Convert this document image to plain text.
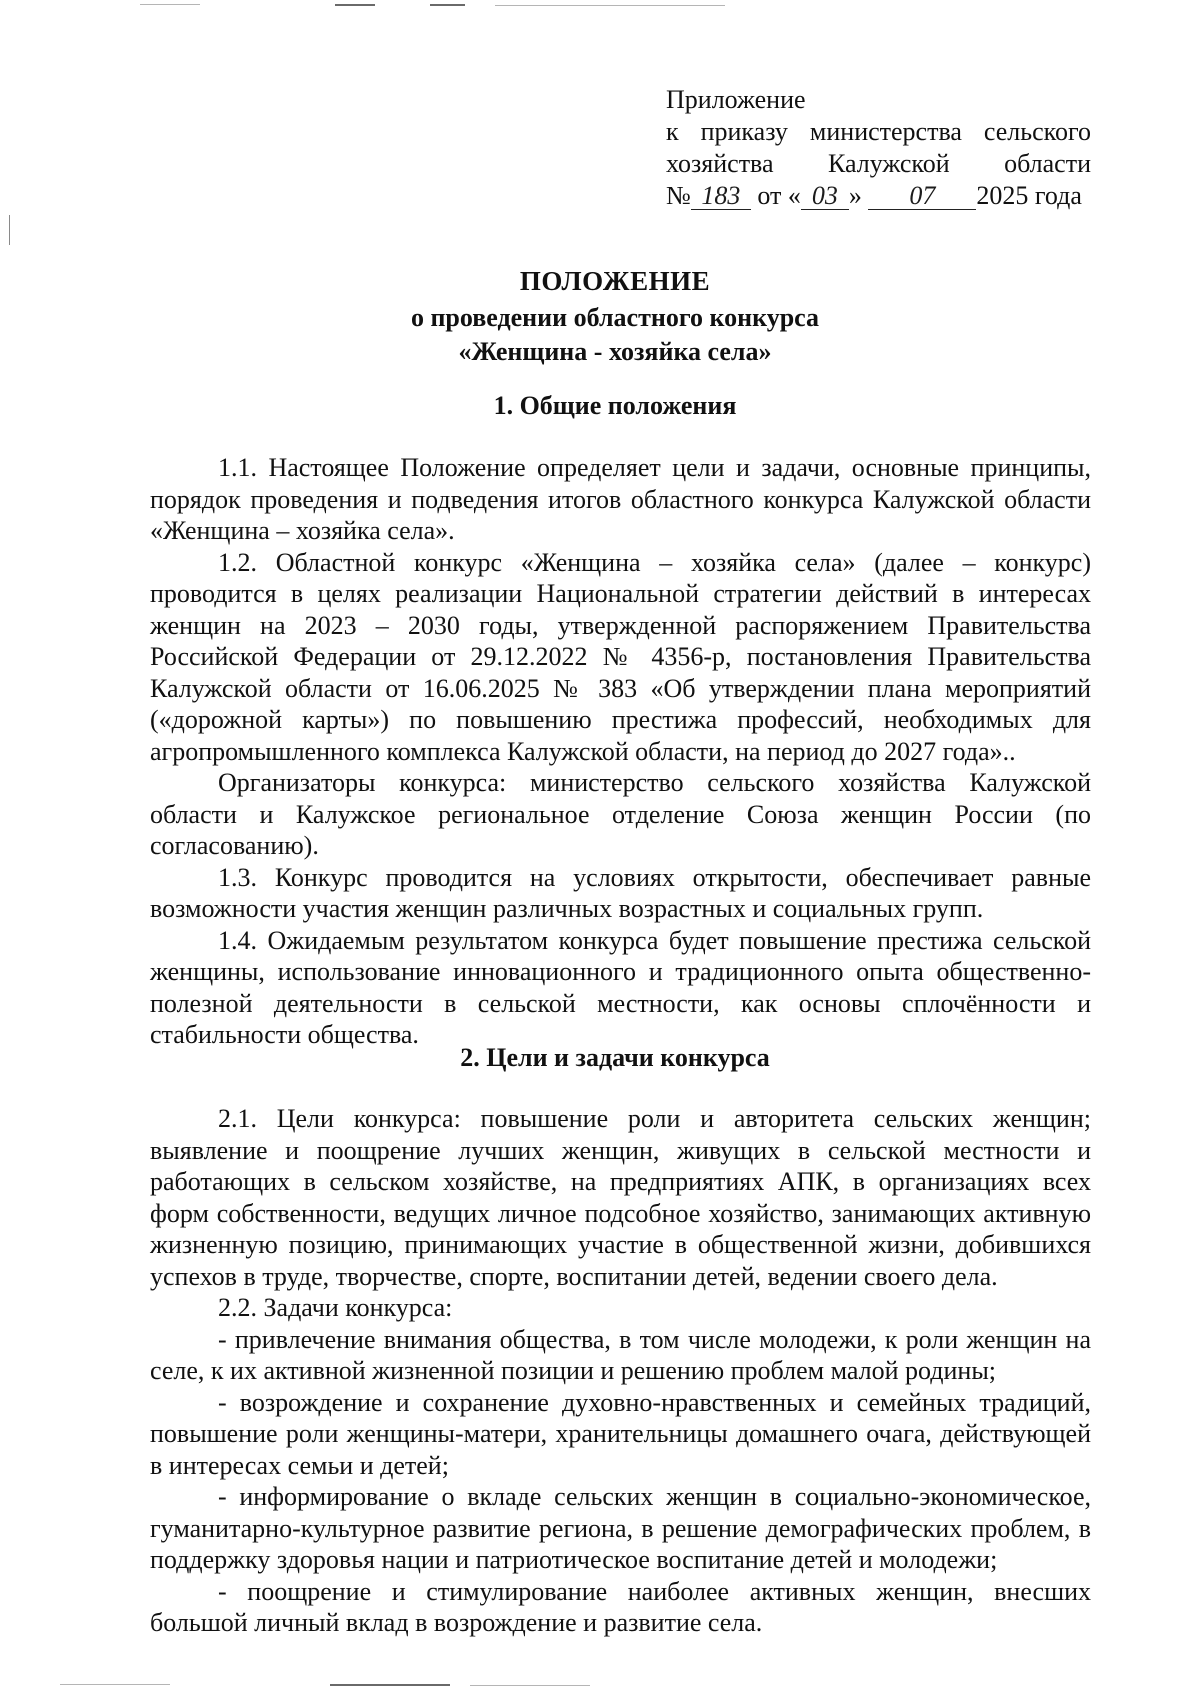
Приложение
к приказу министерства сельского
хозяйства Калужской области
№ 183 от « 03 » 07 2025 года
ПОЛОЖЕНИЕ
о проведении областного конкурса
«Женщина - хозяйка села»
1. Общие положения

1.1. Настоящее Положение определяет цели и задачи, основные принципы, порядок проведения и подведения итогов областного конкурса Калужской области «Женщина – хозяйка села».

1.2. Областной конкурс «Женщина – хозяйка села» (далее – конкурс) проводится в целях реализации Национальной стратегии действий в интересах женщин на 2023 – 2030 годы, утвержденной распоряжением Правительства Российской Федерации от 29.12.2022 № 4356-р, постановления Правительства Калужской области от 16.06.2025 № 383 «Об утверждении плана мероприятий («дорожной карты») по повышению престижа профессий, необходимых для агропромышленного комплекса Калужской области, на период до 2027 года»..

Организаторы конкурса: министерство сельского хозяйства Калужской области и Калужское региональное отделение Союза женщин России (по согласованию).

1.3. Конкурс проводится на условиях открытости, обеспечивает равные возможности участия женщин различных возрастных и социальных групп.

1.4. Ожидаемым результатом конкурса будет повышение престижа сельской женщины, использование инновационного и традиционного опыта общественно-полезной деятельности в сельской местности, как основы сплочённости и стабильности общества.

2. Цели и задачи конкурса

2.1. Цели конкурса: повышение роли и авторитета сельских женщин; выявление и поощрение лучших женщин, живущих в сельской местности и работающих в сельском хозяйстве, на предприятиях АПК, в организациях всех форм собственности, ведущих личное подсобное хозяйство, занимающих активную жизненную позицию, принимающих участие в общественной жизни, добившихся успехов в труде, творчестве, спорте, воспитании детей, ведении своего дела.

2.2. Задачи конкурса:

- привлечение внимания общества, в том числе молодежи, к роли женщин на селе, к их активной жизненной позиции и решению проблем малой родины;

- возрождение и сохранение духовно-нравственных и семейных традиций, повышение роли женщины-матери, хранительницы домашнего очага, действующей в интересах семьи и детей;

- информирование о вкладе сельских женщин в социально-экономическое, гуманитарно-культурное развитие региона, в решение демографических проблем, в поддержку здоровья нации и патриотическое воспитание детей и молодежи;

- поощрение и стимулирование наиболее активных женщин, внесших большой личный вклад в возрождение и развитие села.
